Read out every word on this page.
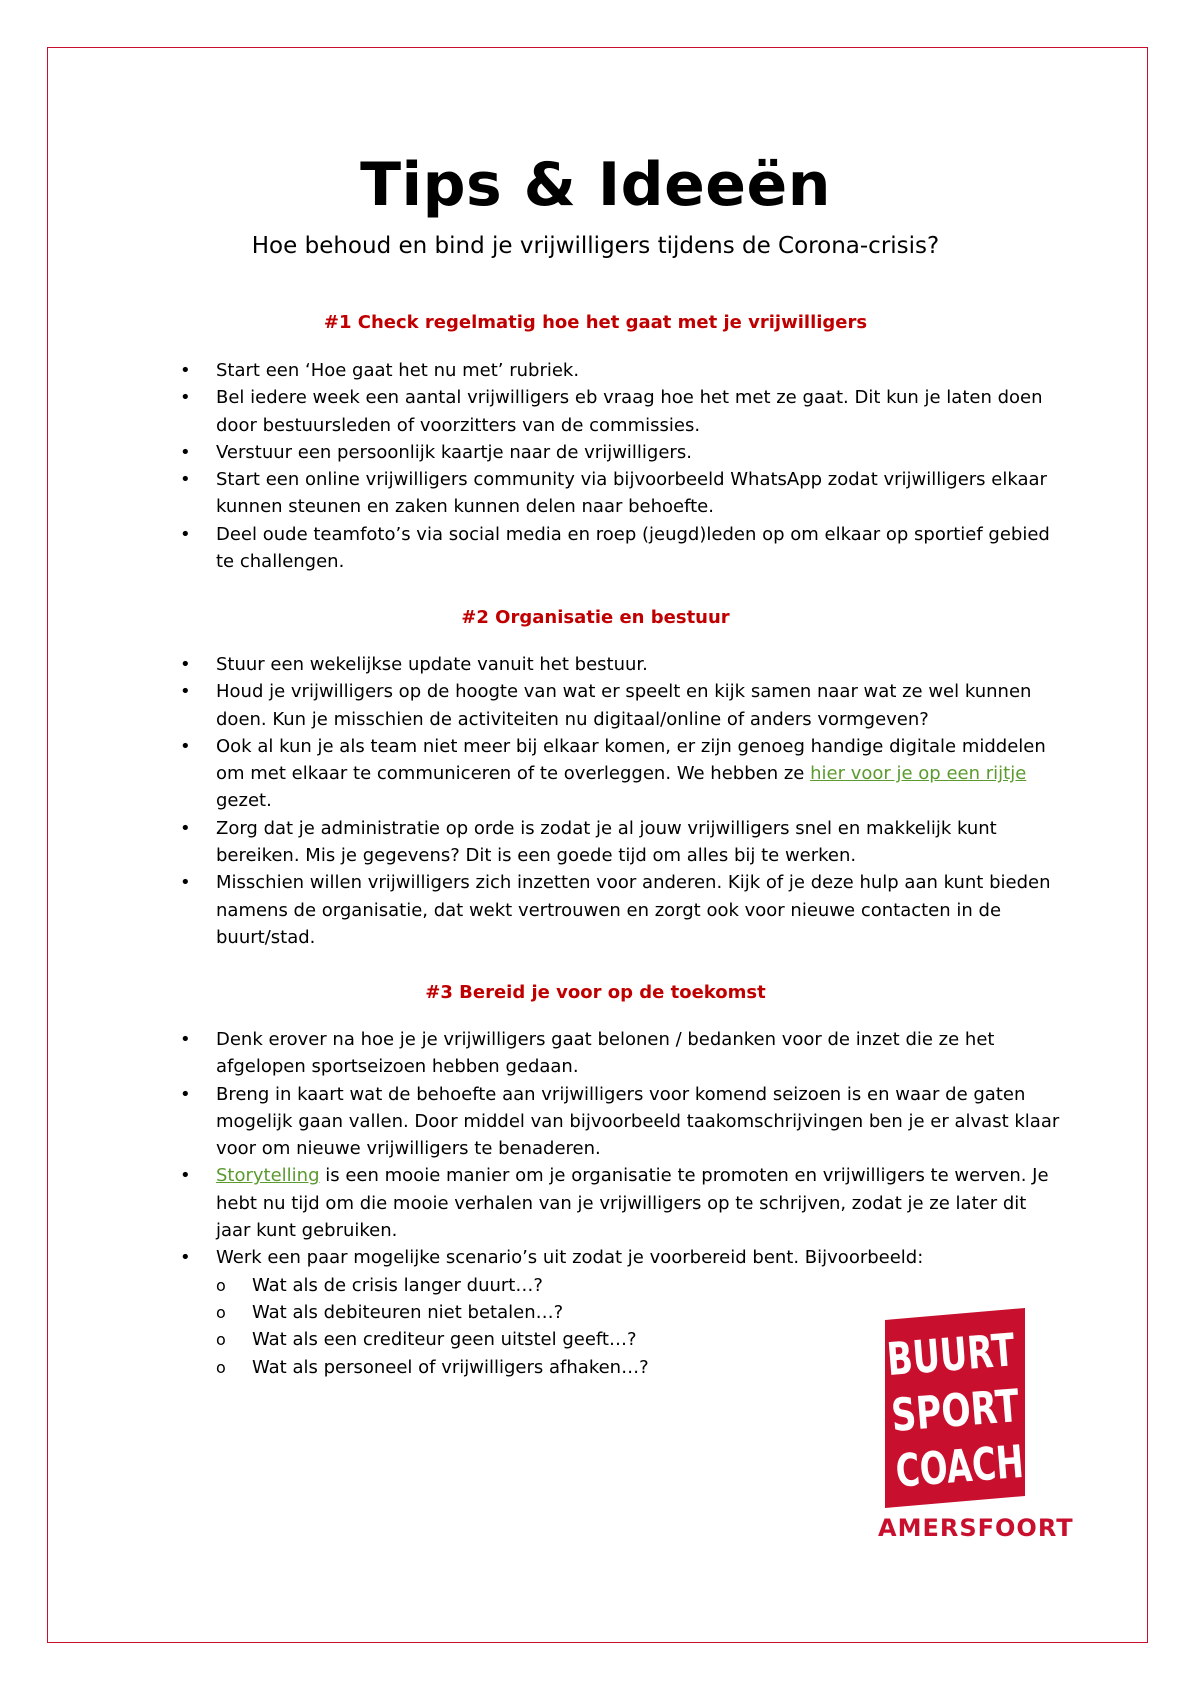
Tips & Ideeën
Hoe behoud en bind je vrijwilligers tijdens de Corona-crisis?
#1 Check regelmatig hoe het gaat met je vrijwilligers
• Start een ‘Hoe gaat het nu met’ rubriek.
• Bel iedere week een aantal vrijwilligers eb vraag hoe het met ze gaat. Dit kun je laten doen door bestuursleden of voorzitters van de commissies.
• Verstuur een persoonlijk kaartje naar de vrijwilligers.
• Start een online vrijwilligers community via bijvoorbeeld WhatsApp zodat vrijwilligers elkaar kunnen steunen en zaken kunnen delen naar behoefte.
• Deel oude teamfoto’s via social media en roep (jeugd)leden op om elkaar op sportief gebied te challengen.
#2 Organisatie en bestuur
• Stuur een wekelijkse update vanuit het bestuur.
• Houd je vrijwilligers op de hoogte van wat er speelt en kijk samen naar wat ze wel kunnen doen. Kun je misschien de activiteiten nu digitaal/online of anders vormgeven?
• Ook al kun je als team niet meer bij elkaar komen, er zijn genoeg handige digitale middelen om met elkaar te communiceren of te overleggen. We hebben ze hier voor je op een rijtje gezet.
• Zorg dat je administratie op orde is zodat je al jouw vrijwilligers snel en makkelijk kunt bereiken. Mis je gegevens? Dit is een goede tijd om alles bij te werken.
• Misschien willen vrijwilligers zich inzetten voor anderen. Kijk of je deze hulp aan kunt bieden namens de organisatie, dat wekt vertrouwen en zorgt ook voor nieuwe contacten in de buurt/stad.
#3 Bereid je voor op de toekomst
• Denk erover na hoe je je vrijwilligers gaat belonen / bedanken voor de inzet die ze het afgelopen sportseizoen hebben gedaan.
• Breng in kaart wat de behoefte aan vrijwilligers voor komend seizoen is en waar de gaten mogelijk gaan vallen. Door middel van bijvoorbeeld taakomschrijvingen ben je er alvast klaar voor om nieuwe vrijwilligers te benaderen.
• Storytelling is een mooie manier om je organisatie te promoten en vrijwilligers te werven. Je hebt nu tijd om die mooie verhalen van je vrijwilligers op te schrijven, zodat je ze later dit jaar kunt gebruiken.
• Werk een paar mogelijke scenario’s uit zodat je voorbereid bent. Bijvoorbeeld:
o Wat als de crisis langer duurt…?
o Wat als debiteuren niet betalen…?
o Wat als een crediteur geen uitstel geeft…?
o Wat als personeel of vrijwilligers afhaken…?	BUURT
SPORT
COACH
AMERSFOORT
